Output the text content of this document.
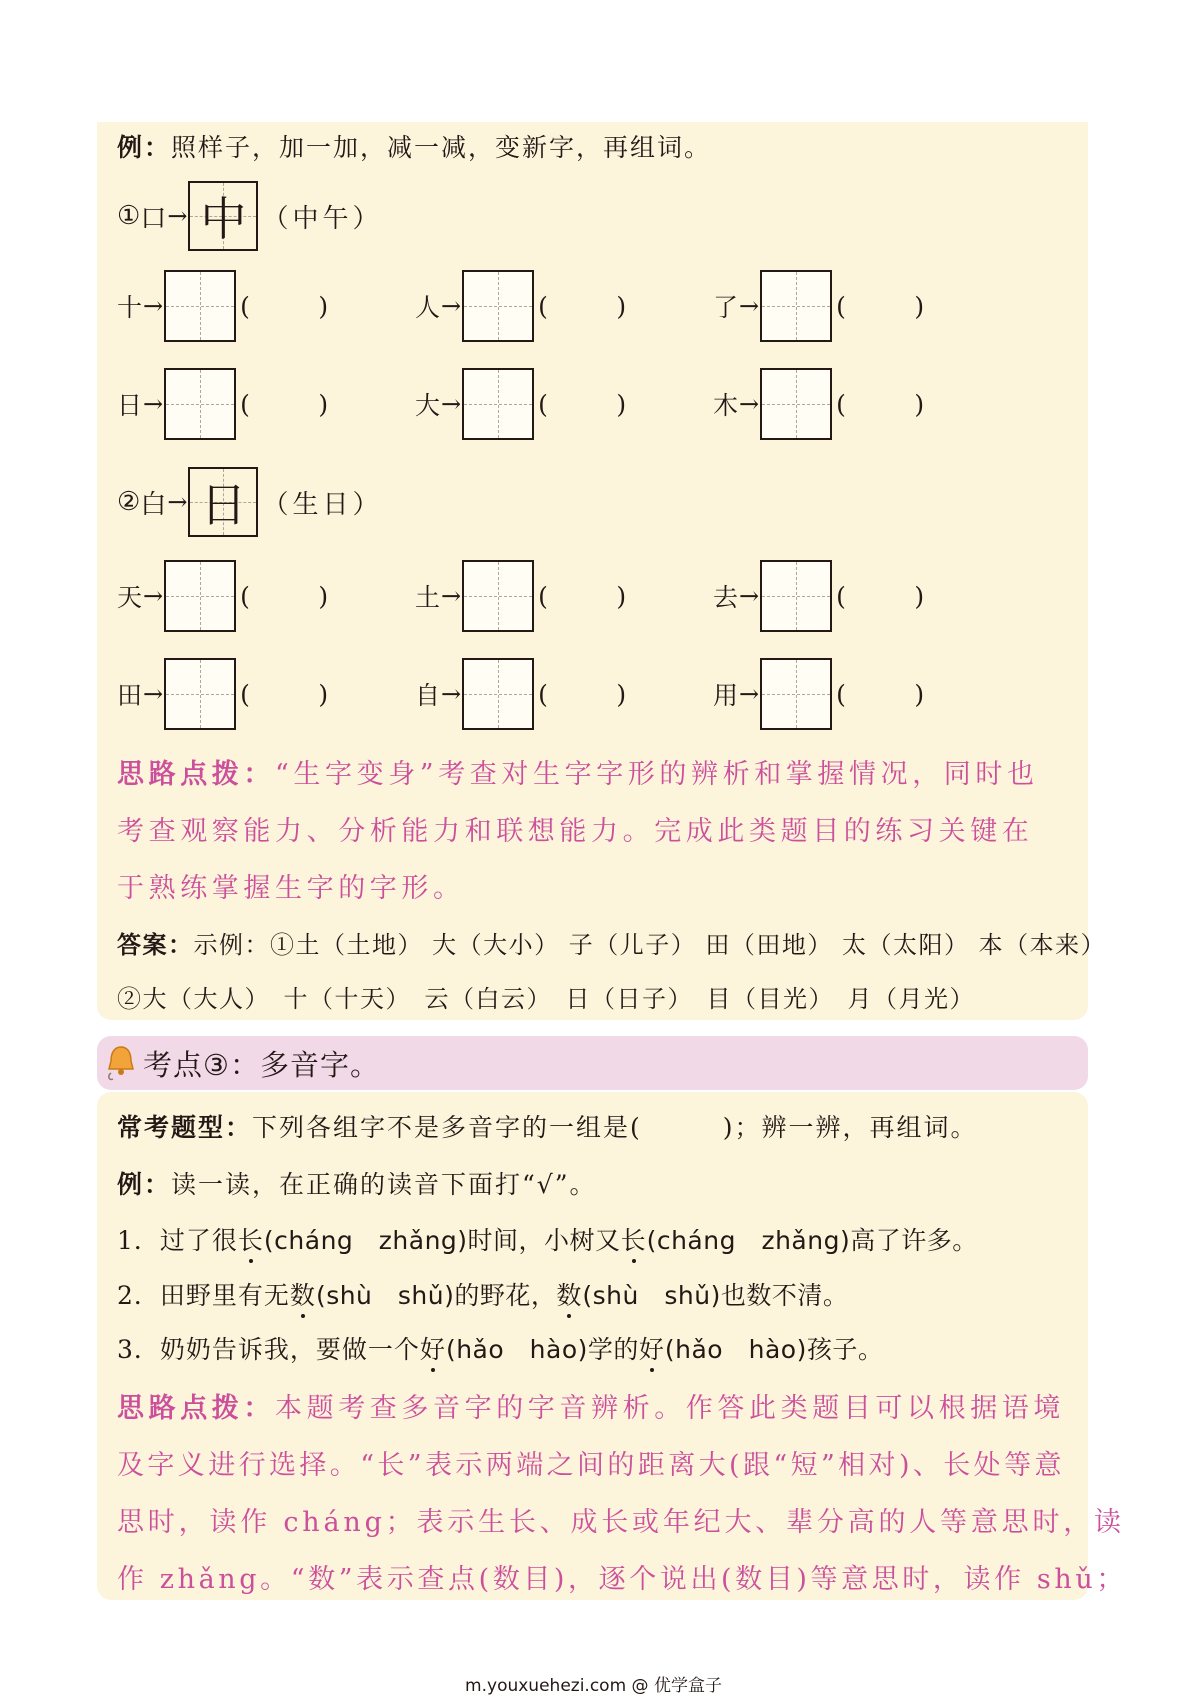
例：照样子，加一加，减一减，变新字，再组词。
① 口 → 中 （中午）
十 →	(	)	人 →	(	)	了 →	(	)
日 →	(	)	大 →	(	)	木 →	(	)
② 白 → 日 （生日）
天 →	(	)	土 →	(	)	去 →	(	)
田 →	(	)	自 →	(	)	用 →	(	)
思路点拨：“生字变身”考查对生字字形的辨析和掌握情况，同时也
考查观察能力、分析能力和联想能力。完成此类题目的练习关键在
于熟练掌握生字的字形。
答案：示例：①土（土地） 大（大小） 子（儿子） 田（田地） 太（太阳） 本（本来）
②大（大人）　十（十天）　云（白云）　日（日子）　目（目光）　月（月光）
考点③：多音字。
常考题型：下列各组字不是多音字的一组是(　　　)；辨一辨，再组词。
例：读一读，在正确的读音下面打“√”。
1．过了很长(cháng　zhǎng)时间，小树又长(cháng　zhǎng)高了许多。
2．田野里有无数(shù　shǔ)的野花，数(shù　shǔ)也数不清。
3．奶奶告诉我，要做一个好(hǎo　hào)学的好(hǎo　hào)孩子。
思路点拨：本题考查多音字的字音辨析。作答此类题目可以根据语境
及字义进行选择。“长”表示两端之间的距离大(跟“短”相对)、长处等意
思时，读作 cháng；表示生长、成长或年纪大、辈分高的人等意思时，读
作 zhǎng。“数”表示查点(数目)，逐个说出(数目)等意思时，读作 shǔ；
m.youxuehezi.com @ 优学盒子
